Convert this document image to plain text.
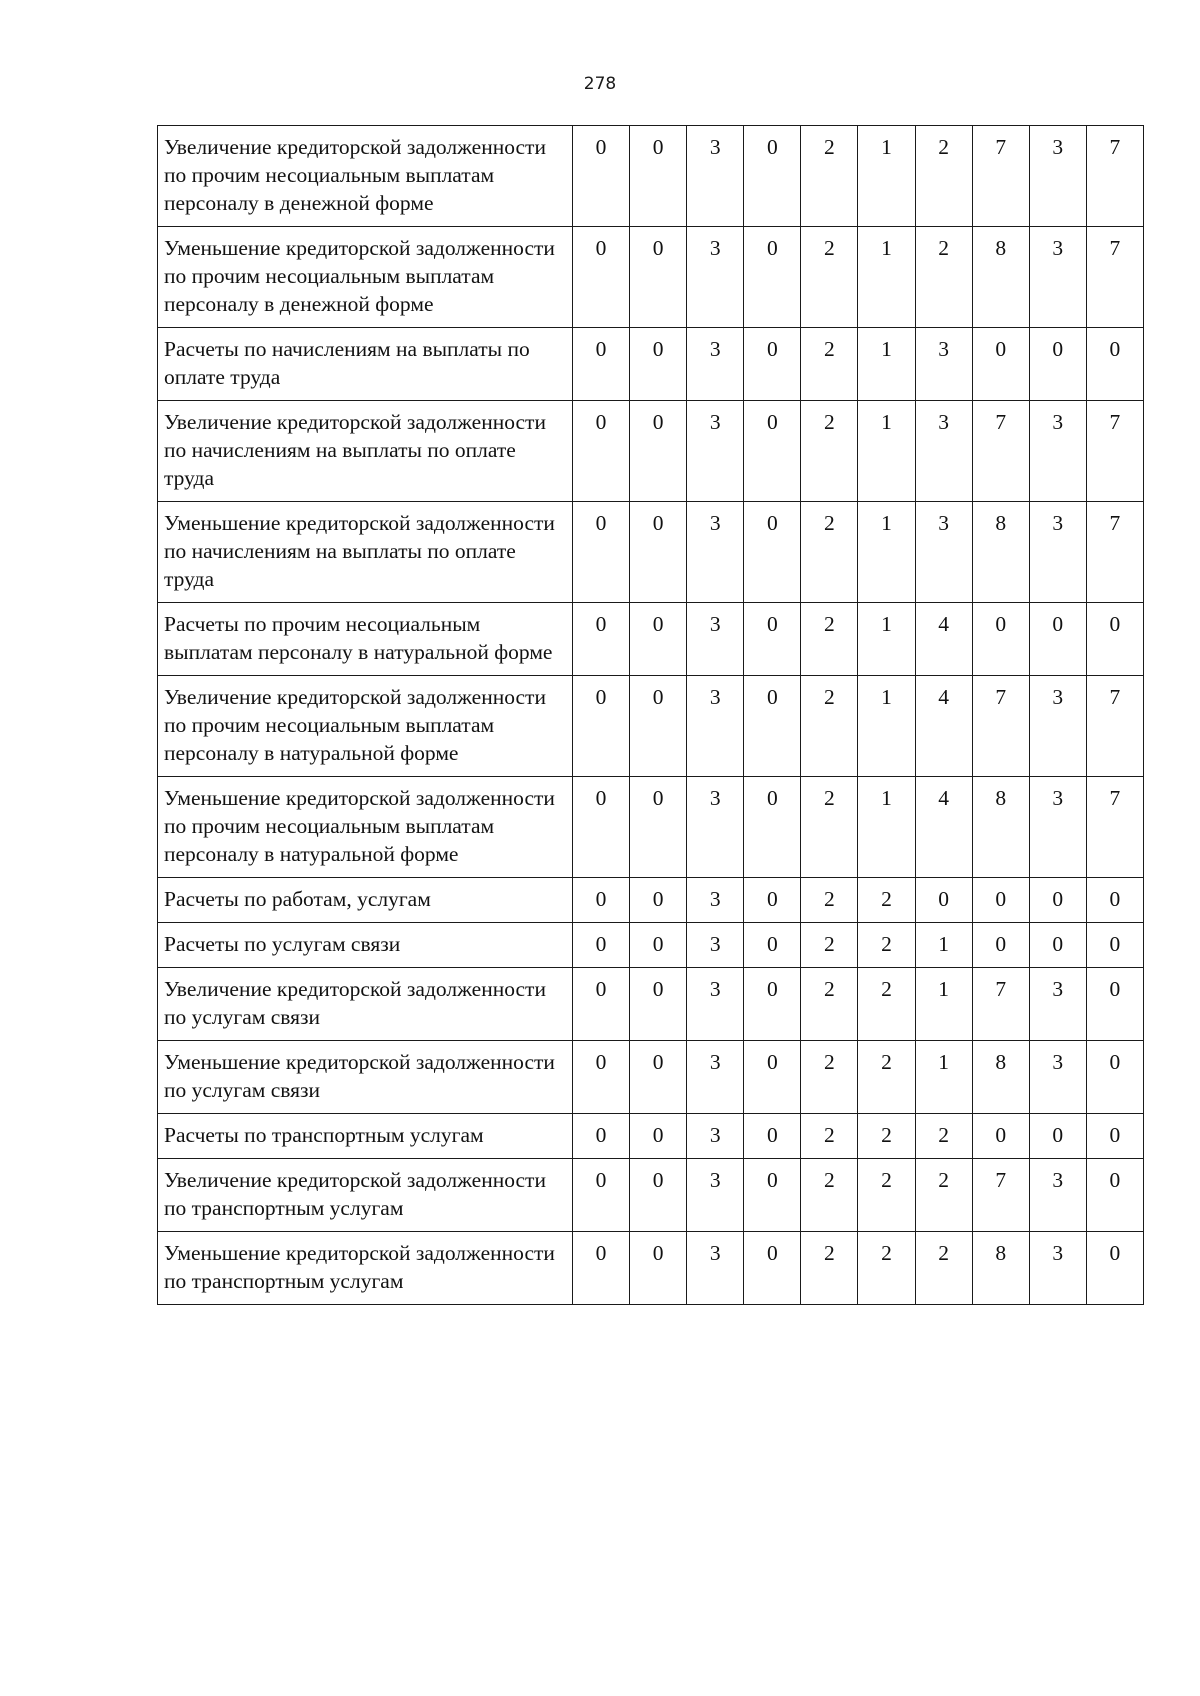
278
Увеличение кредиторской задолженности по прочим несоциальным выплатам персоналу в денежной форме	0	0	3	0	2	1	2	7	3	7
Уменьшение кредиторской задолженности по прочим несоциальным выплатам персоналу в денежной форме	0	0	3	0	2	1	2	8	3	7
Расчеты по начислениям на выплаты по оплате труда	0	0	3	0	2	1	3	0	0	0
Увеличение кредиторской задолженности по начислениям на выплаты по оплате труда	0	0	3	0	2	1	3	7	3	7
Уменьшение кредиторской задолженности по начислениям на выплаты по оплате труда	0	0	3	0	2	1	3	8	3	7
Расчеты по прочим несоциальным выплатам персоналу в натуральной форме	0	0	3	0	2	1	4	0	0	0
Увеличение кредиторской задолженности по прочим несоциальным выплатам персоналу в натуральной форме	0	0	3	0	2	1	4	7	3	7
Уменьшение кредиторской задолженности по прочим несоциальным выплатам персоналу в натуральной форме	0	0	3	0	2	1	4	8	3	7
Расчеты по работам, услугам	0	0	3	0	2	2	0	0	0	0
Расчеты по услугам связи	0	0	3	0	2	2	1	0	0	0
Увеличение кредиторской задолженности по услугам связи	0	0	3	0	2	2	1	7	3	0
Уменьшение кредиторской задолженности по услугам связи	0	0	3	0	2	2	1	8	3	0
Расчеты по транспортным услугам	0	0	3	0	2	2	2	0	0	0
Увеличение кредиторской задолженности по транспортным услугам	0	0	3	0	2	2	2	7	3	0
Уменьшение кредиторской задолженности по транспортным услугам	0	0	3	0	2	2	2	8	3	0
